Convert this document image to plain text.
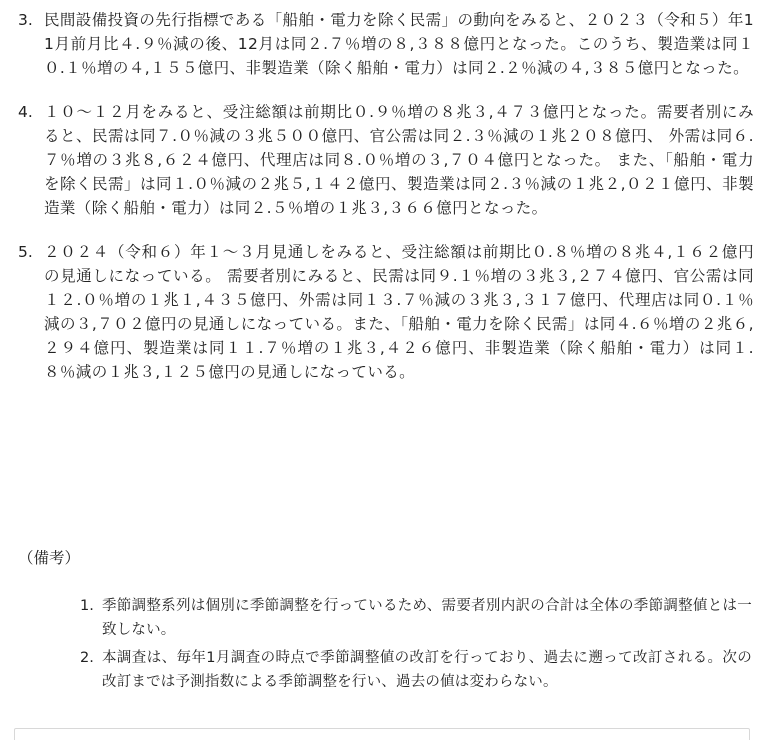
3. 民間設備投資の先行指標である「船舶・電力を除く民需」の動向をみると、２０２３（令和５）年11月前月比４.９％減の後、12月は同２.７％増の８,３８８億円となった。このうち、製造業は同１０.１％増の４,１５５億円、非製造業（除く船舶・電力）は同２.２％減の４,３８５億円となった。
4. １０～１２月をみると、受注総額は前期比０.９％増の８兆３,４７３億円となった。需要者別にみると、民需は同７.０％減の３兆５００億円、官公需は同２.３％減の１兆２０８億円、 外需は同６.７％増の３兆８,６２４億円、代理店は同８.０％増の３,７０４億円となった。 また、「船舶・電力を除く民需」は同１.０％減の２兆５,１４２億円、製造業は同２.３％減の１兆２,０２１億円、非製造業（除く船舶・電力）は同２.５％増の１兆３,３６６億円となった。
5. ２０２４（令和６）年１～３月見通しをみると、受注総額は前期比０.８％増の８兆４,１６２億円の見通しになっている。 需要者別にみると、民需は同９.１％増の３兆３,２７４億円、官公需は同１２.０％増の１兆１,４３５億円、外需は同１３.７％減の３兆３,３１７億円、代理店は同０.１％減の３,７０２億円の見通しになっている。また、「船舶・電力を除く民需」は同４.６％増の２兆６,２９４億円、製造業は同１１.７％増の１兆３,４２６億円、非製造業（除く船舶・電力）は同１.８％減の１兆３,１２５億円の見通しになっている。
（備考）
1. 季節調整系列は個別に季節調整を行っているため、需要者別内訳の合計は全体の季節調整値とは一致しない。
2. 本調査は、毎年1月調査の時点で季節調整値の改訂を行っており、過去に遡って改訂される。次の改訂までは予測指数による季節調整を行い、過去の値は変わらない。
